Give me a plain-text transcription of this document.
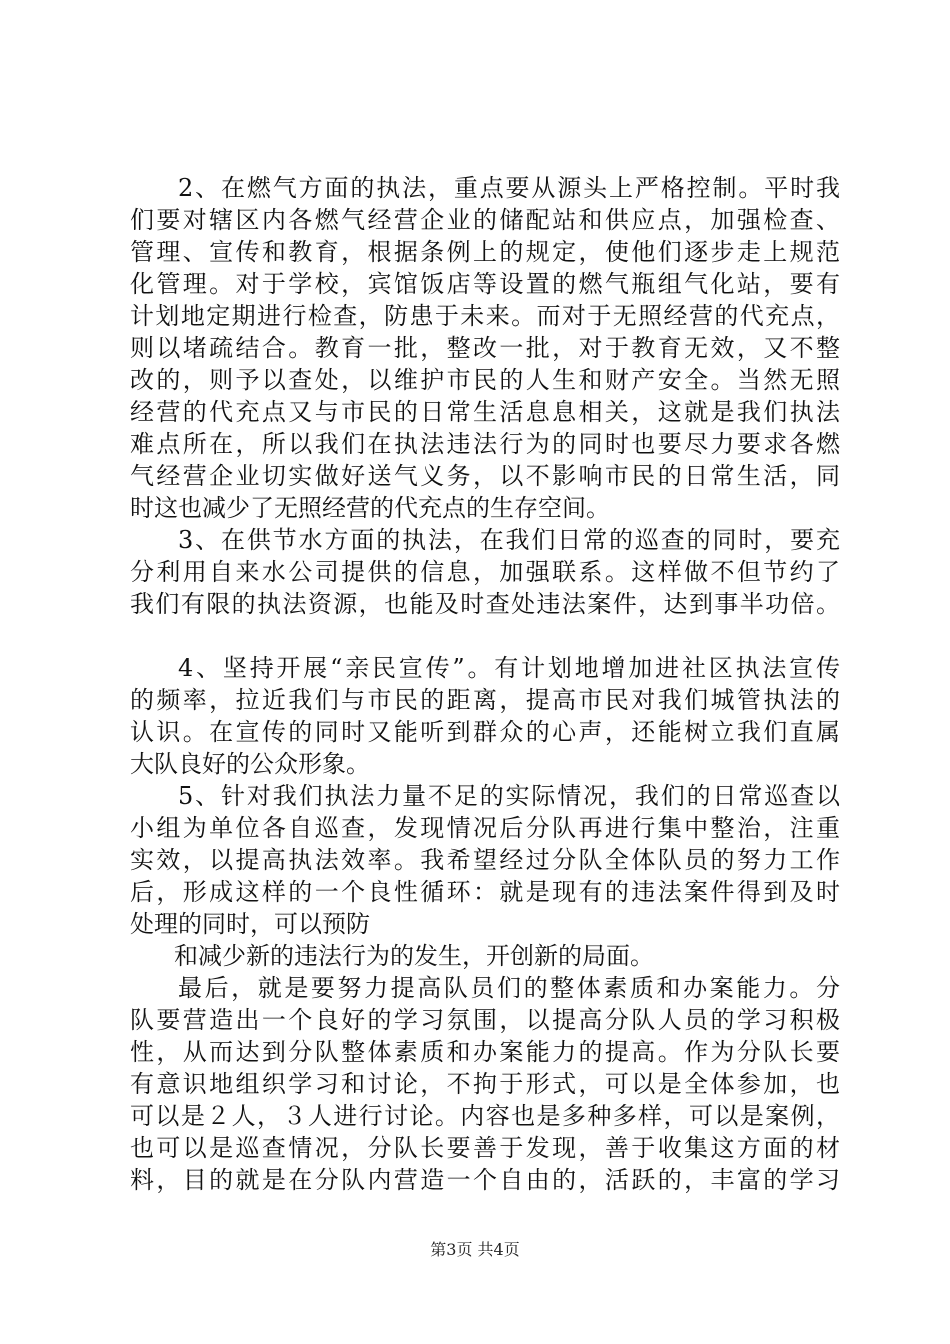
2、在燃气方面的执法，重点要从源头上严格控制。平时我
们要对辖区内各燃气经营企业的储配站和供应点，加强检查、
管理、宣传和教育，根据条例上的规定，使他们逐步走上规范
化管理。对于学校，宾馆饭店等设置的燃气瓶组气化站，要有
计划地定期进行检查，防患于未来。而对于无照经营的代充点，
则以堵疏结合。教育一批，整改一批，对于教育无效，又不整
改的，则予以查处，以维护市民的人生和财产安全。当然无照
经营的代充点又与市民的日常生活息息相关，这就是我们执法
难点所在，所以我们在执法违法行为的同时也要尽力要求各燃
气经营企业切实做好送气义务，以不影响市民的日常生活，同
时这也减少了无照经营的代充点的生存空间。
3、在供节水方面的执法，在我们日常的巡查的同时，要充
分利用自来水公司提供的信息，加强联系。这样做不但节约了
我们有限的执法资源，也能及时查处违法案件，达到事半功倍。
4、坚持开展“亲民宣传”。有计划地增加进社区执法宣传
的频率，拉近我们与市民的距离，提高市民对我们城管执法的
认识。在宣传的同时又能听到群众的心声，还能树立我们直属
大队良好的公众形象。
5、针对我们执法力量不足的实际情况，我们的日常巡查以
小组为单位各自巡查，发现情况后分队再进行集中整治，注重
实效，以提高执法效率。我希望经过分队全体队员的努力工作
后，形成这样的一个良性循环：就是现有的违法案件得到及时
处理的同时，可以预防
和减少新的违法行为的发生，开创新的局面。
最后，就是要努力提高队员们的整体素质和办案能力。分
队要营造出一个良好的学习氛围，以提高分队人员的学习积极
性，从而达到分队整体素质和办案能力的提高。作为分队长要
有意识地组织学习和讨论，不拘于形式，可以是全体参加，也
可以是２人，３人进行讨论。内容也是多种多样，可以是案例，
也可以是巡查情况，分队长要善于发现，善于收集这方面的材
料，目的就是在分队内营造一个自由的，活跃的，丰富的学习
第3页 共4页
